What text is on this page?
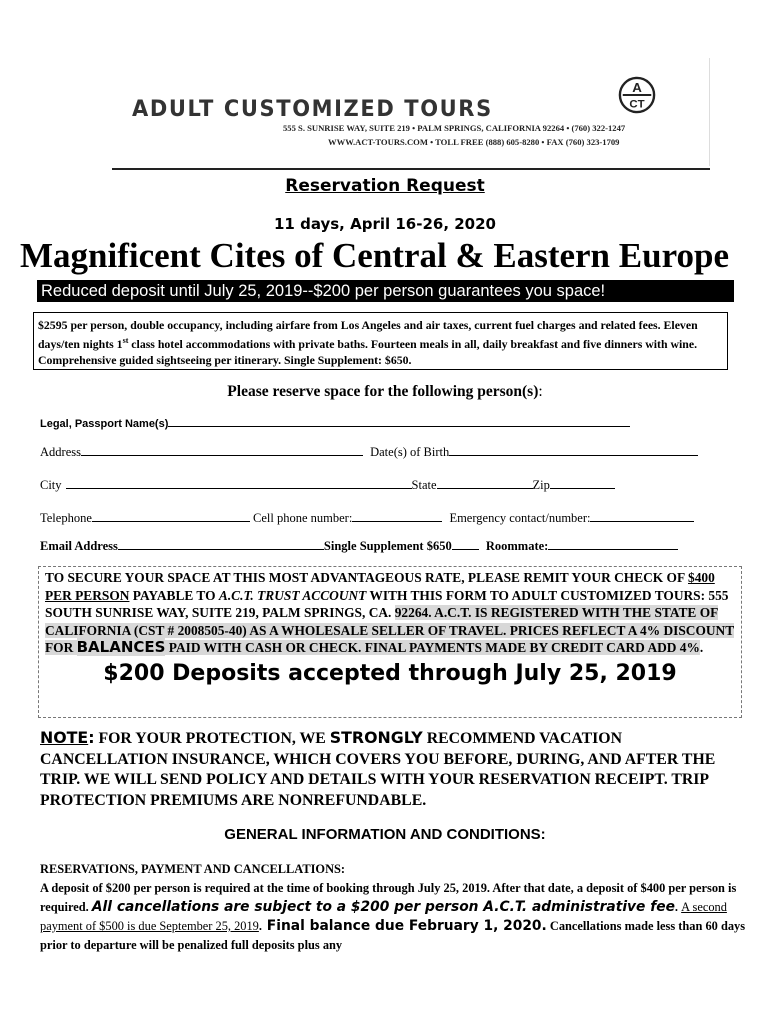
ADULT CUSTOMIZED TOURS
555 S. SUNRISE WAY, SUITE 219 • PALM SPRINGS, CALIFORNIA 92264 • (760) 322-1247
WWW.ACT-TOURS.COM • TOLL FREE (888) 605-8280 • FAX (760) 323-1709
A
CT
Reservation Request
11 days, April 16-26, 2020
Magnificent Cites of Central & Eastern Europe
Reduced deposit until July 25, 2019--$200 per person guarantees you space!
$2595 per person, double occupancy, including airfare from Los Angeles and air taxes, current fuel charges and related fees. Eleven days/ten nights 1st class hotel accommodations with private baths. Fourteen meals in all, daily breakfast and five dinners with wine. Comprehensive guided sightseeing per itinerary. Single Supplement: $650.
Please reserve space for the following person(s):
Legal, Passport Name(s)
Address	Date(s) of Birth
City	State	Zip
Telephone	Cell phone number:	Emergency contact/number:
Email Address	Single Supplement $650	Roommate:
TO SECURE YOUR SPACE AT THIS MOST ADVANTAGEOUS RATE, PLEASE REMIT YOUR CHECK OF $400 PER PERSON PAYABLE TO A.C.T. TRUST ACCOUNT WITH THIS FORM TO ADULT CUSTOMIZED TOURS: 555 SOUTH SUNRISE WAY, SUITE 219, PALM SPRINGS, CA. 92264. A.C.T. IS REGISTERED WITH THE STATE OF CALIFORNIA (CST # 2008505-40) AS A WHOLESALE SELLER OF TRAVEL. PRICES REFLECT A 4% DISCOUNT FOR BALANCES PAID WITH CASH OR CHECK. FINAL PAYMENTS MADE BY CREDIT CARD ADD 4%.
$200 Deposits accepted through July 25, 2019
NOTE: FOR YOUR PROTECTION, WE STRONGLY RECOMMEND VACATION CANCELLATION INSURANCE, WHICH COVERS YOU BEFORE, DURING, AND AFTER THE TRIP. WE WILL SEND POLICY AND DETAILS WITH YOUR RESERVATION RECEIPT. TRIP PROTECTION PREMIUMS ARE NONREFUNDABLE.
GENERAL INFORMATION AND CONDITIONS:
RESERVATIONS, PAYMENT AND CANCELLATIONS:
A deposit of $200 per person is required at the time of booking through July 25, 2019. After that date, a deposit of $400 per person is required. All cancellations are subject to a $200 per person A.C.T. administrative fee. A second payment of $500 is due September 25, 2019. Final balance due February 1, 2020. Cancellations made less than 60 days prior to departure will be penalized full deposits plus any
